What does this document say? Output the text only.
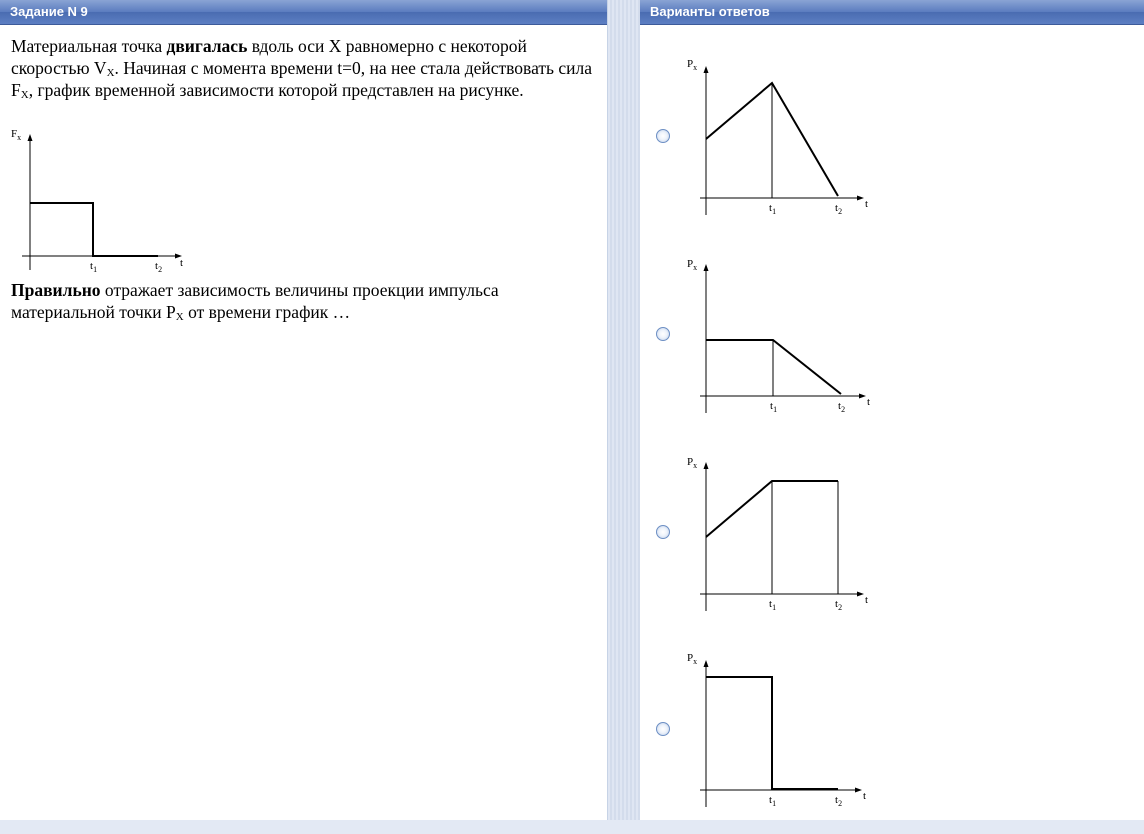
Задание N 9

Материальная точка двигалась вдоль оси X равномерно с некоторой скоростью $V_X$. Начиная с момента времени t=0, на нее стала действовать сила $F_X$, график временной зависимости которой представлен на рисунке.

$F_x$
$t_1$	$t_2$
t
Правильно отражает зависимость величины проекции импульса материальной точки $P_X$ от времени график …
Варианты ответов
$P_x$
$t_1$	$t_2$
t
$P_x$
$t_1$	$t_2$
t
$P_x$
$t_1$	$t_2$
t
$P_x$
$t_1$	$t_2$
t
